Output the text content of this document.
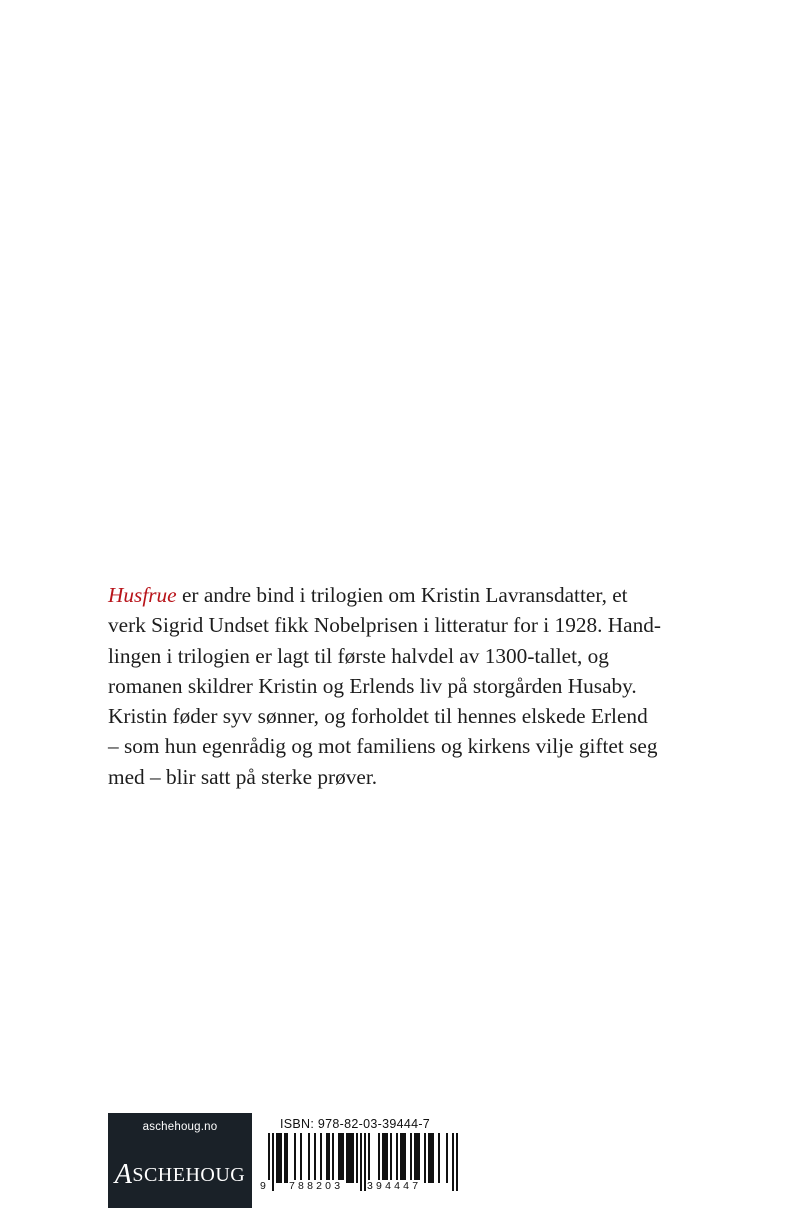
Husfrue er andre bind i trilogien om Kristin Lavransdatter, et
verk Sigrid Undset fikk Nobelprisen i litteratur for i 1928. Hand-
lingen i trilogien er lagt til første halvdel av 1300-tallet, og
romanen skildrer Kristin og Erlends liv på storgården Husaby.
Kristin føder syv sønner, og forholdet til hennes elskede Erlend
– som hun egenrådig og mot familiens og kirkens vilje giftet seg
med – blir satt på sterke prøver.
aschehoug.no
ASCHEHOUG
ISBN: 978-82-03-39444-7
9 788203 394447
